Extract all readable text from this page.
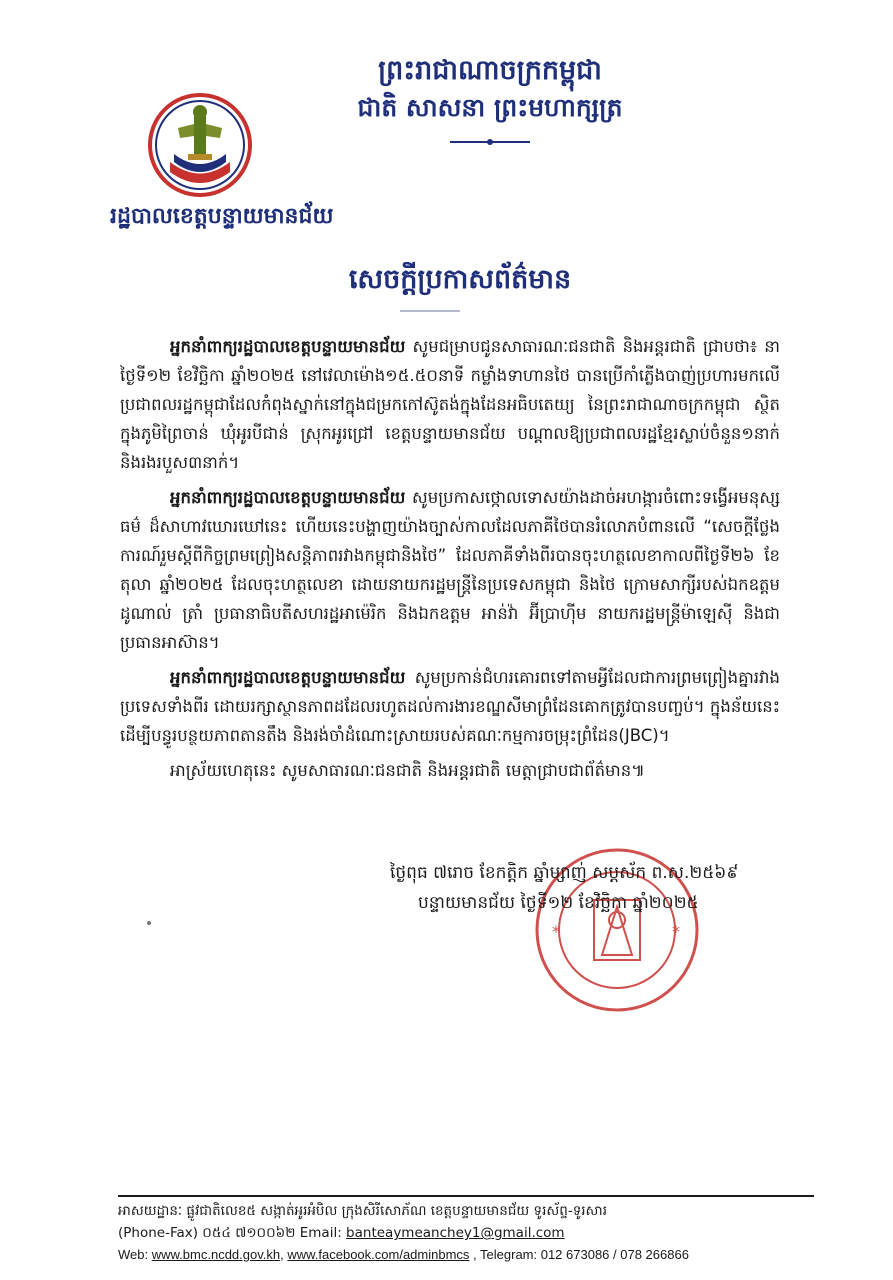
ព្រះរាជាណាចក្រកម្ពុជា
ជាតិ សាសនា ព្រះមហាក្សត្រ
រដ្ឋបាលខេត្តបន្ទាយមានជ័យ
សេចក្តីប្រកាសព័ត៌មាន

អ្នកនាំពាក្យរដ្ឋបាលខេត្តបន្ទាយមានជ័យ សូមជម្រាបជូនសាធារណៈជនជាតិ និងអន្តរជាតិ ជ្រាបថា៖ នាថ្ងៃទី១២ ខែវិច្ឆិកា ឆ្នាំ២០២៥ នៅវេលាម៉ោង១៥.៥០នាទី កម្លាំងទាហានថៃ បានប្រើកាំភ្លើងបាញ់ប្រហារមកលើប្រជាពលរដ្ឋកម្ពុជាដែលកំពុងស្នាក់នៅក្នុងជម្រកកៅស៊ូតង់ក្នុងដែនអធិបតេយ្យ នៃព្រះរាជាណាចក្រកម្ពុជា ស្ថិតក្នុងភូមិព្រៃចាន់ ឃុំអូរបីជាន់ ស្រុកអូរជ្រៅ ខេត្តបន្ទាយមានជ័យ បណ្តាលឱ្យប្រជាពលរដ្ឋខ្មែរស្លាប់ចំនួន១នាក់ និងរងរបួស៣នាក់។

អ្នកនាំពាក្យរដ្ឋបាលខេត្តបន្ទាយមានជ័យ សូមប្រកាសថ្កោលទោសយ៉ាងដាច់អហង្ការចំពោះទង្វើអមនុស្សធម៌ ដ៏សាហាវឃោរឃៅនេះ ហើយនេះបង្ហាញយ៉ាងច្បាស់កាលដែលភាគីថៃបានរំលោភបំពានលើ “សេចក្តីថ្លែងការណ៍រួមស្តីពីកិច្ចព្រមព្រៀងសន្តិភាពរវាងកម្ពុជានិងថៃ” ដែលភាគីទាំងពីរបានចុះហត្ថលេខាកាលពីថ្ងៃទី២៦ ខែតុលា ឆ្នាំ២០២៥ ដែលចុះហត្ថលេខា ដោយនាយករដ្ឋមន្ត្រីនៃប្រទេសកម្ពុជា និងថៃ ក្រោមសាក្សីរបស់ឯកឧត្តម ដូណាល់ ត្រាំ ប្រធានាធិបតីសហរដ្ឋអាម៉េរិក និងឯកឧត្តម អាន់វ៉ា អ៊ីប្រាហ៊ីម នាយករដ្ឋមន្ត្រីម៉ាឡេស៊ី និងជាប្រធានអាស៊ាន។

អ្នកនាំពាក្យរដ្ឋបាលខេត្តបន្ទាយមានជ័យ សូមប្រកាន់ជំហរគោរពទៅតាមអ្វីដែលជាការព្រមព្រៀងគ្នារវាងប្រទេសទាំងពីរ ដោយរក្សាស្ថានភាពដដែលរហូតដល់ការងារខណ្ឌសីមាព្រំដែនគោកត្រូវបានបញ្ចប់។ ក្នុងន័យនេះ ដើម្បីបន្ធូរបន្ថយភាពតានតឹង និងរង់ចាំដំណោះស្រាយរបស់គណៈកម្មការចម្រុះព្រំដែន(JBC)។

អាស្រ័យហេតុនេះ សូមសាធារណៈជនជាតិ និងអន្តរជាតិ មេត្តាជ្រាបជាព័ត៌មាន៕

*	*
ថ្ងៃពុធ ៧រោច ខែកត្តិក ឆ្នាំម្សាញ់ សប្តស័ក ព.ស.២៥៦៩
បន្ទាយមានជ័យ ថ្ងៃទី១២ ខែវិច្ឆិកា ឆ្នាំ២០២៥
អាសយដ្ឋានៈ ផ្លូវជាតិលេខ៥ សង្កាត់អូរអំបិល ក្រុងសិរីសោភ័ណ ខេត្តបន្ទាយមានជ័យ ទូរស័ព្ទ-ទូរសារ
(Phone-Fax) ០៥៤ ៧១០០៦២ Email: banteaymeanchey1@gmail.com
Web: www.bmc.ncdd.gov.kh, www.facebook.com/adminbmcs , Telegram: 012 673086 / 078 266866
